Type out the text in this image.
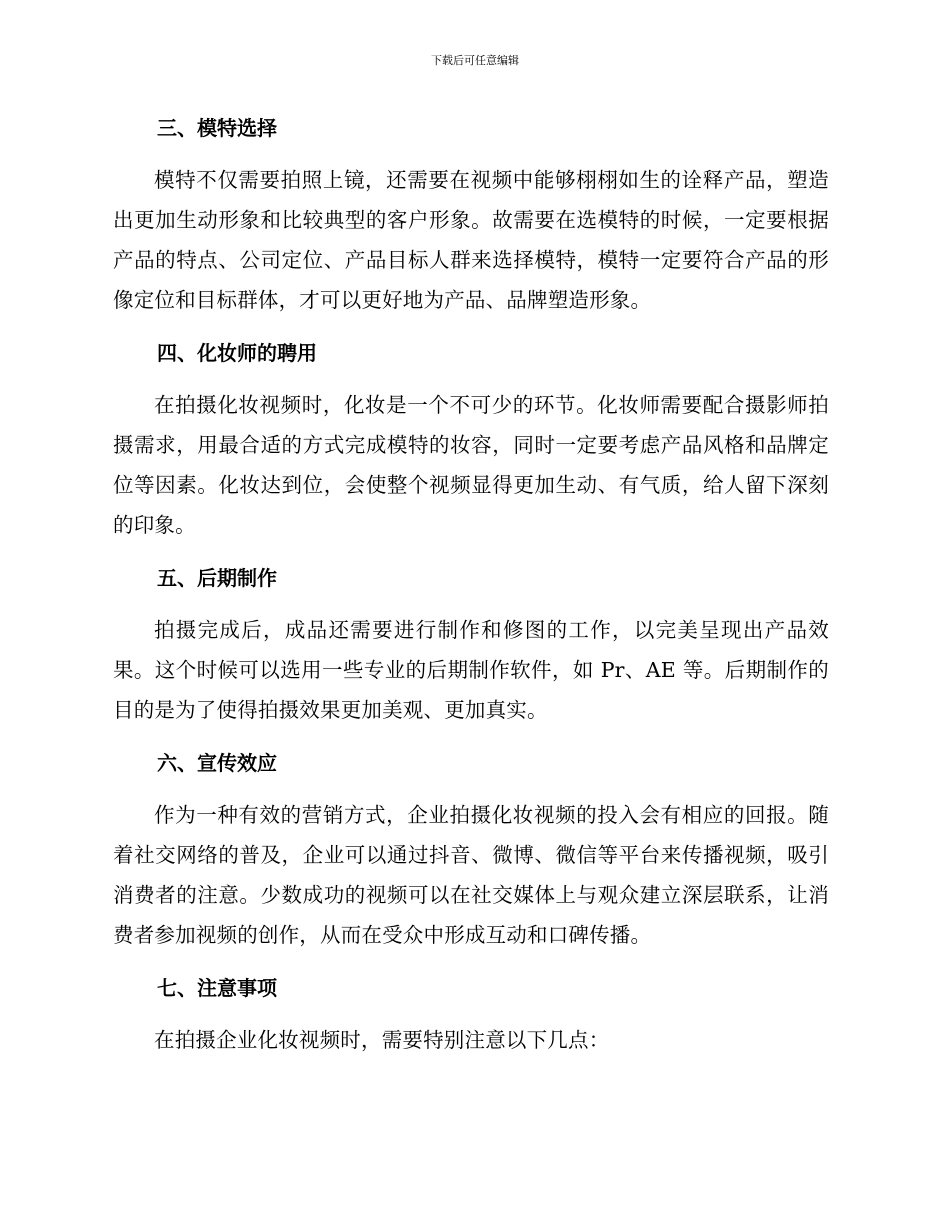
下载后可任意编辑
三、模特选择

模特不仅需要拍照上镜，还需要在视频中能够栩栩如生的诠释产品，塑造出更加生动形象和比较典型的客户形象。故需要在选模特的时候，一定要根据产品的特点、公司定位、产品目标人群来选择模特，模特一定要符合产品的形像定位和目标群体，才可以更好地为产品、品牌塑造形象。

四、化妆师的聘用

在拍摄化妆视频时，化妆是一个不可少的环节。化妆师需要配合摄影师拍摄需求，用最合适的方式完成模特的妆容，同时一定要考虑产品风格和品牌定位等因素。化妆达到位，会使整个视频显得更加生动、有气质，给人留下深刻的印象。

五、后期制作

拍摄完成后，成品还需要进行制作和修图的工作，以完美呈现出产品效果。这个时候可以选用一些专业的后期制作软件，如 Pr、AE 等。后期制作的目的是为了使得拍摄效果更加美观、更加真实。

六、宣传效应

作为一种有效的营销方式，企业拍摄化妆视频的投入会有相应的回报。随着社交网络的普及，企业可以通过抖音、微博、微信等平台来传播视频，吸引消费者的注意。少数成功的视频可以在社交媒体上与观众建立深层联系，让消费者参加视频的创作，从而在受众中形成互动和口碑传播。

七、注意事项

在拍摄企业化妆视频时，需要特别注意以下几点：
